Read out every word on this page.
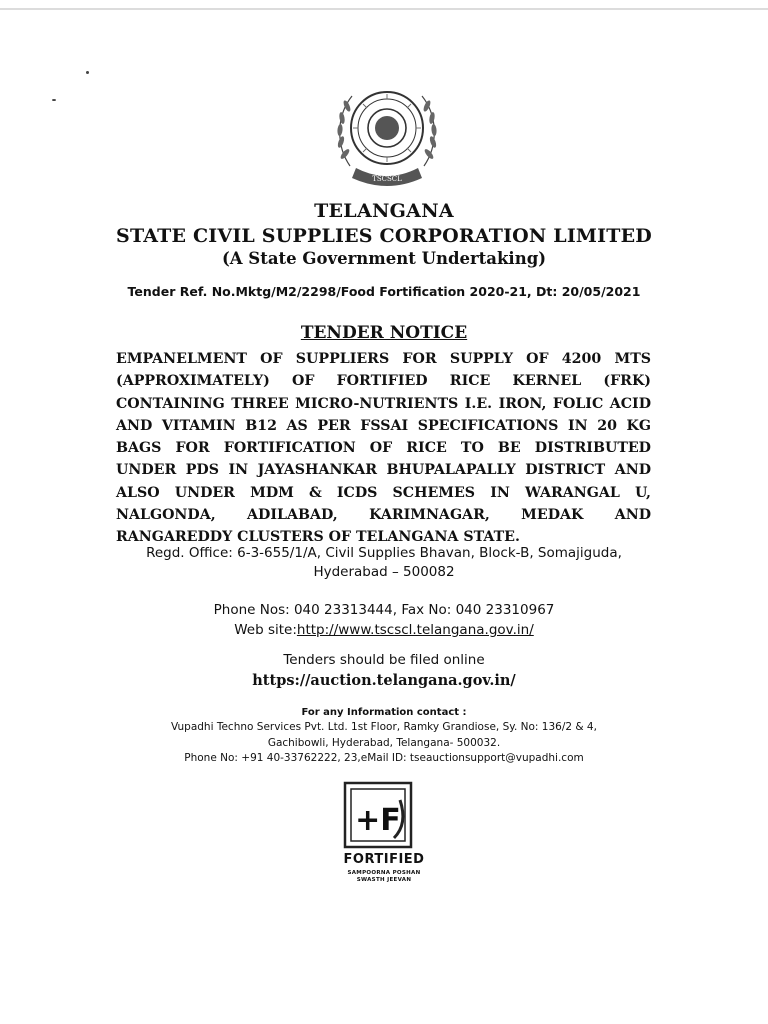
TSCSCL
TELANGANA
STATE CIVIL SUPPLIES CORPORATION LIMITED
(A State Government Undertaking)
Tender Ref. No.Mktg/M2/2298/Food Fortification 2020-21, Dt: 20/05/2021
TENDER NOTICE

EMPANELMENT OF SUPPLIERS FOR SUPPLY OF 4200 MTS (APPROXIMATELY) OF FORTIFIED RICE KERNEL (FRK) CONTAINING THREE MICRO-NUTRIENTS I.E. IRON, FOLIC ACID AND VITAMIN B12 AS PER FSSAI SPECIFICATIONS IN 20 KG BAGS FOR FORTIFICATION OF RICE TO BE DISTRIBUTED UNDER PDS IN JAYASHANKAR BHUPALAPALLY DISTRICT AND ALSO UNDER MDM & ICDS SCHEMES IN WARANGAL U, NALGONDA, ADILABAD, KARIMNAGAR, MEDAK AND RANGAREDDY CLUSTERS OF TELANGANA STATE.

Regd. Office: 6-3-655/1/A, Civil Supplies Bhavan, Block-B, Somajiguda,
Hyderabad – 500082
Phone Nos: 040 23313444, Fax No: 040 23310967
Web site:http://www.tscscl.telangana.gov.in/
Tenders should be filed online
https://auction.telangana.gov.in/
For any Information contact :
Vupadhi Techno Services Pvt. Ltd. 1st Floor, Ramky Grandiose, Sy. No: 136/2 & 4,
Gachibowli, Hyderabad, Telangana- 500032.
Phone No: +91 40-33762222, 23,eMail ID: tseauctionsupport@vupadhi.com
+F
FORTIFIED
SAMPOORNA POSHAN
SWASTH JEEVAN
